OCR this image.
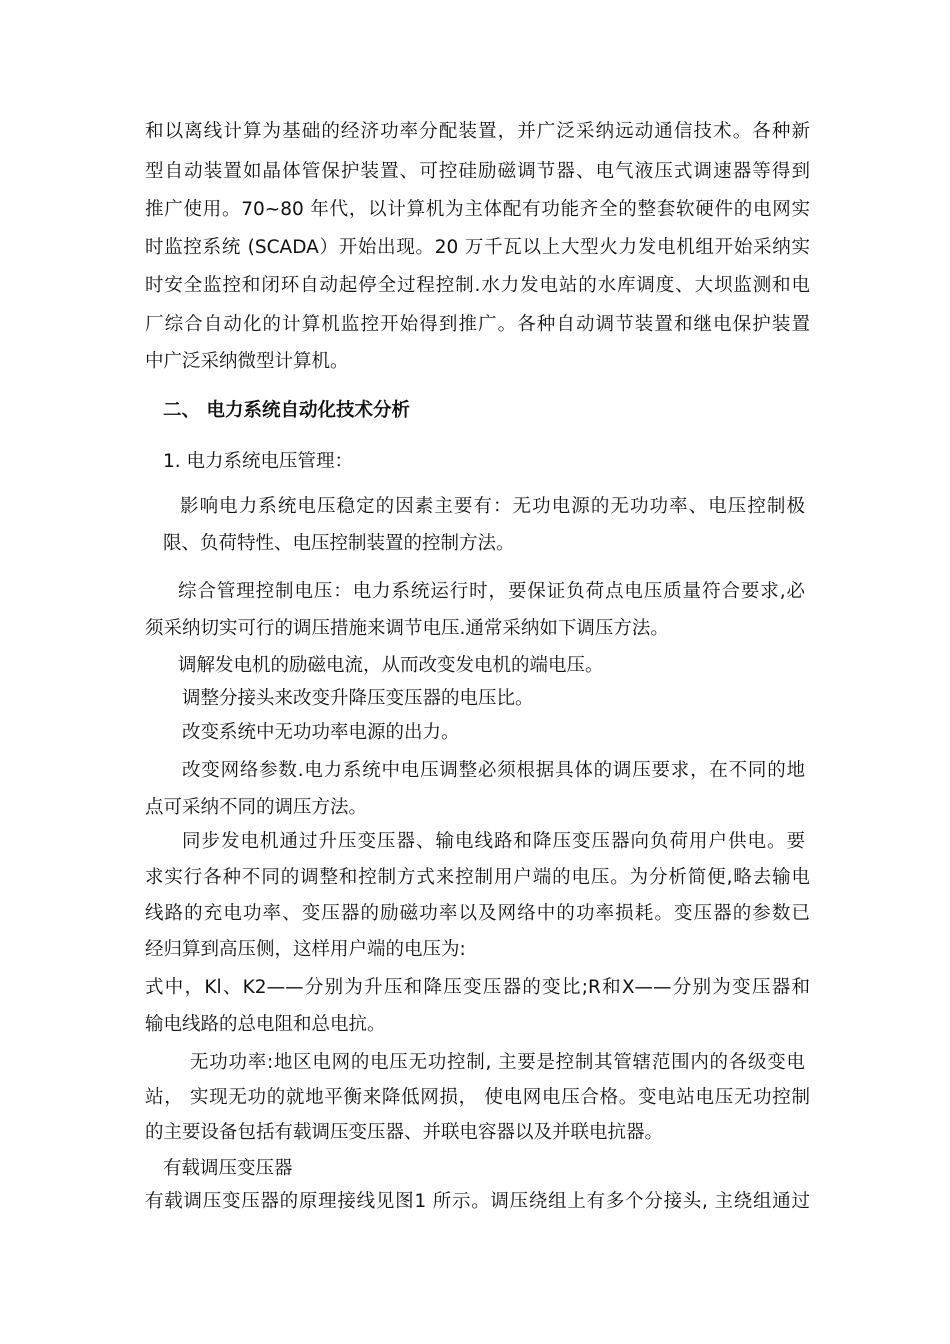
和以离线计算为基础的经济功率分配装置，并广泛采纳远动通信技术。各种新
型自动装置如晶体管保护装置、可控硅励磁调节器、电气液压式调速器等得到
推广使用。70~80 年代，以计算机为主体配有功能齐全的整套软硬件的电网实
时监控系统 (SCADA）开始出现。20 万千瓦以上大型火力发电机组开始采纳实
时安全监控和闭环自动起停全过程控制.水力发电站的水库调度、大坝监测和电
厂综合自动化的计算机监控开始得到推广。各种自动调节装置和继电保护装置
中广泛采纳微型计算机。
二、 电力系统自动化技术分析
1. 电力系统电压管理：
影响电力系统电压稳定的因素主要有：无功电源的无功功率、电压控制极
限、负荷特性、电压控制装置的控制方法。
综合管理控制电压：电力系统运行时，要保证负荷点电压质量符合要求,必
须采纳切实可行的调压措施来调节电压.通常采纳如下调压方法。
调解发电机的励磁电流，从而改变发电机的端电压。
调整分接头来改变升降压变压器的电压比。
改变系统中无功功率电源的出力。
改变网络参数.电力系统中电压调整必须根据具体的调压要求，在不同的地
点可采纳不同的调压方法。
同步发电机通过升压变压器、输电线路和降压变压器向负荷用户供电。要
求实行各种不同的调整和控制方式来控制用户端的电压。为分析简便,略去输电
线路的充电功率、变压器的励磁功率以及网络中的功率损耗。变压器的参数已
经归算到高压侧，这样用户端的电压为:
式中，Kl、K2——分别为升压和降压变压器的变比;R和X——分别为变压器和
输电线路的总电阻和总电抗。
无功功率:地区电网的电压无功控制, 主要是控制其管辖范围内的各级变电
站， 实现无功的就地平衡来降低网损， 使电网电压合格。变电站电压无功控制
的主要设备包括有载调压变压器、并联电容器以及并联电抗器。
有载调压变压器
有载调压变压器的原理接线见图1 所示。调压绕组上有多个分接头, 主绕组通过
